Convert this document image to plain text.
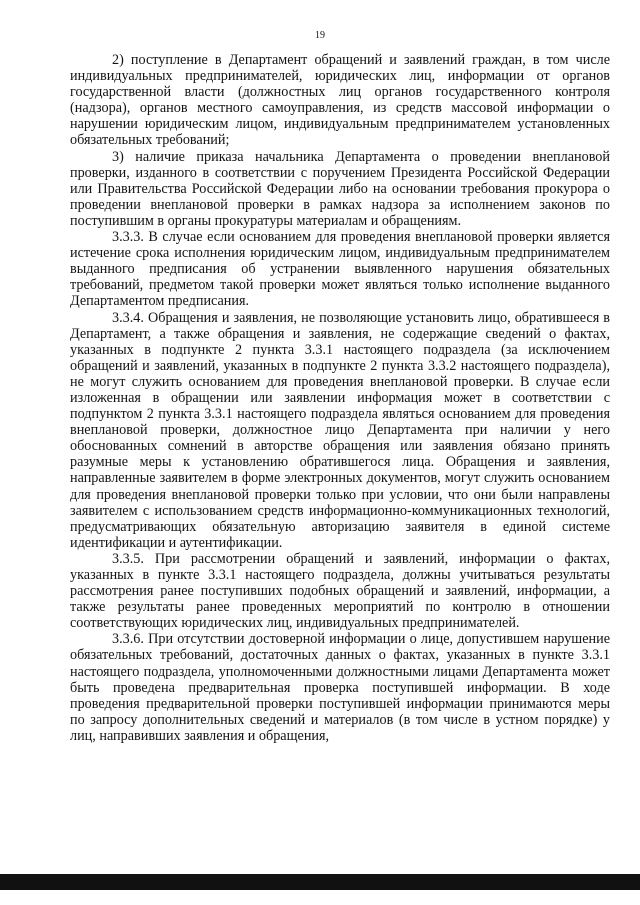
19

2) поступление в Департамент обращений и заявлений граждан, в том числе индивидуальных предпринимателей, юридических лиц, информации от органов государственной власти (должностных лиц органов государственного контроля (надзора), органов местного самоуправления, из средств массовой информации о нарушении юридическим лицом, индивидуальным предпринимателем установленных обязательных требований;

3) наличие приказа начальника Департамента о проведении внеплановой проверки, изданного в соответствии с поручением Президента Российской Федерации или Правительства Российской Федерации либо на основании требования прокурора о проведении внеплановой проверки в рамках надзора за исполнением законов по поступившим в органы прокуратуры материалам и обращениям.

3.3.3. В случае если основанием для проведения внеплановой проверки является истечение срока исполнения юридическим лицом, индивидуальным предпринимателем выданного предписания об устранении выявленного нарушения обязательных требований, предметом такой проверки может являться только исполнение выданного Департаментом предписания.

3.3.4. Обращения и заявления, не позволяющие установить лицо, обратившееся в Департамент, а также обращения и заявления, не содержащие сведений о фактах, указанных в подпункте 2 пункта 3.3.1 настоящего подраздела (за исключением обращений и заявлений, указанных в подпункте 2 пункта 3.3.2 настоящего подраздела), не могут служить основанием для проведения внеплановой проверки. В случае если изложенная в обращении или заявлении информация может в соответствии с подпунктом 2 пункта 3.3.1 настоящего подраздела являться основанием для проведения внеплановой проверки, должностное лицо Департамента при наличии у него обоснованных сомнений в авторстве обращения или заявления обязано принять разумные меры к установлению обратившегося лица. Обращения и заявления, направленные заявителем в форме электронных документов, могут служить основанием для проведения внеплановой проверки только при условии, что они были направлены заявителем с использованием средств информационно-коммуникационных технологий, предусматривающих обязательную авторизацию заявителя в единой системе идентификации и аутентификации.

3.3.5. При рассмотрении обращений и заявлений, информации о фактах, указанных в пункте 3.3.1 настоящего подраздела, должны учитываться результаты рассмотрения ранее поступивших подобных обращений и заявлений, информации, а также результаты ранее проведенных мероприятий по контролю в отношении соответствующих юридических лиц, индивидуальных предпринимателей.

3.3.6. При отсутствии достоверной информации о лице, допустившем нарушение обязательных требований, достаточных данных о фактах, указанных в пункте 3.3.1 настоящего подраздела, уполномоченными должностными лицами Департамента может быть проведена предварительная проверка поступившей информации. В ходе проведения предварительной проверки поступившей информации принимаются меры по запросу дополнительных сведений и материалов (в том числе в устном порядке) у лиц, направивших заявления и обращения,
